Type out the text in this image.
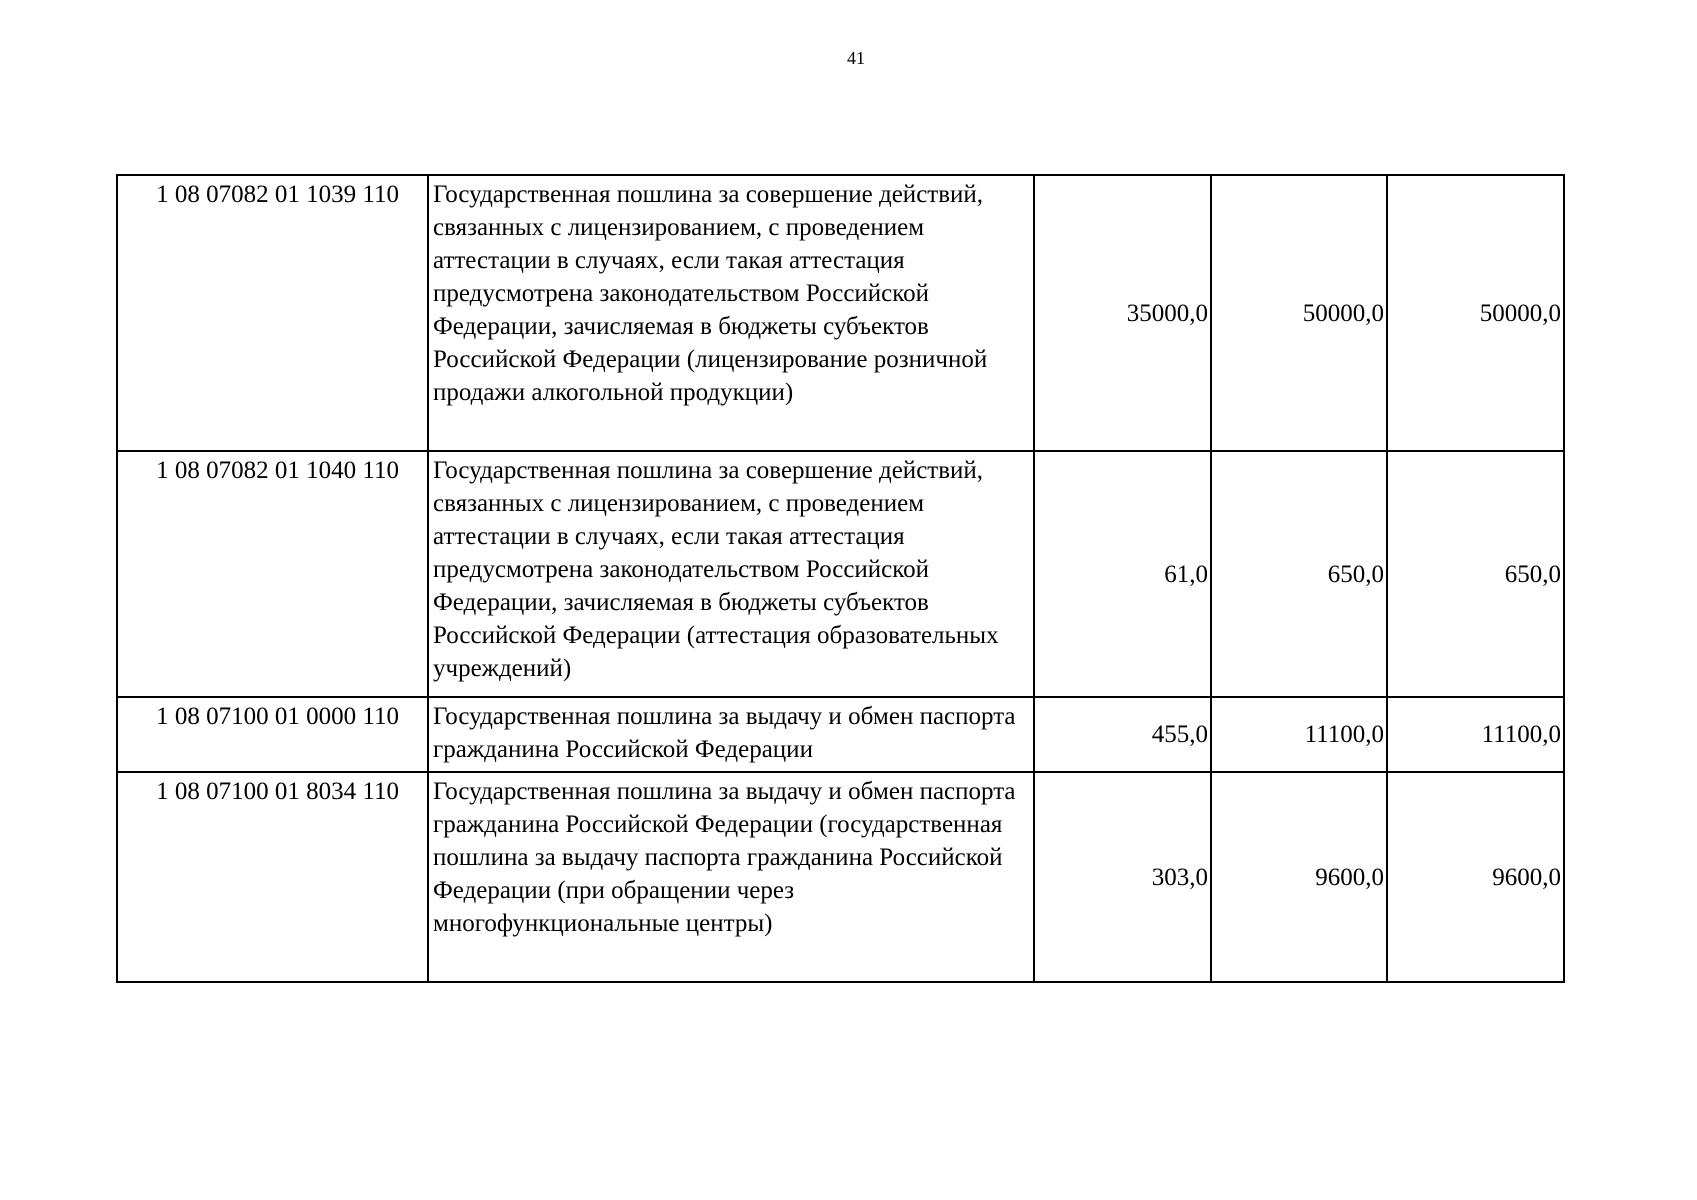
41
1 08 07082 01 1039 110	Государственная пошлина за совершение действий, связанных с лицензированием, с проведением аттестации в случаях, если такая аттестация предусмотрена законодательством Российской Федерации, зачисляемая в бюджеты субъектов Российской Федерации (лицензирование розничной продажи алкогольной продукции)	35000,0	50000,0	50000,0
1 08 07082 01 1040 110	Государственная пошлина за совершение действий, связанных с лицензированием, с проведением аттестации в случаях, если такая аттестация предусмотрена законодательством Российской Федерации, зачисляемая в бюджеты субъектов Российской Федерации (аттестация образовательных учреждений)	61,0	650,0	650,0
1 08 07100 01 0000 110	Государственная пошлина за выдачу и обмен паспорта гражданина Российской Федерации	455,0	11100,0	11100,0
1 08 07100 01 8034 110	Государственная пошлина за выдачу и обмен паспорта гражданина Российской Федерации (государственная пошлина за выдачу паспорта гражданина Российской Федерации (при обращении через многофункциональные центры)	303,0	9600,0	9600,0
